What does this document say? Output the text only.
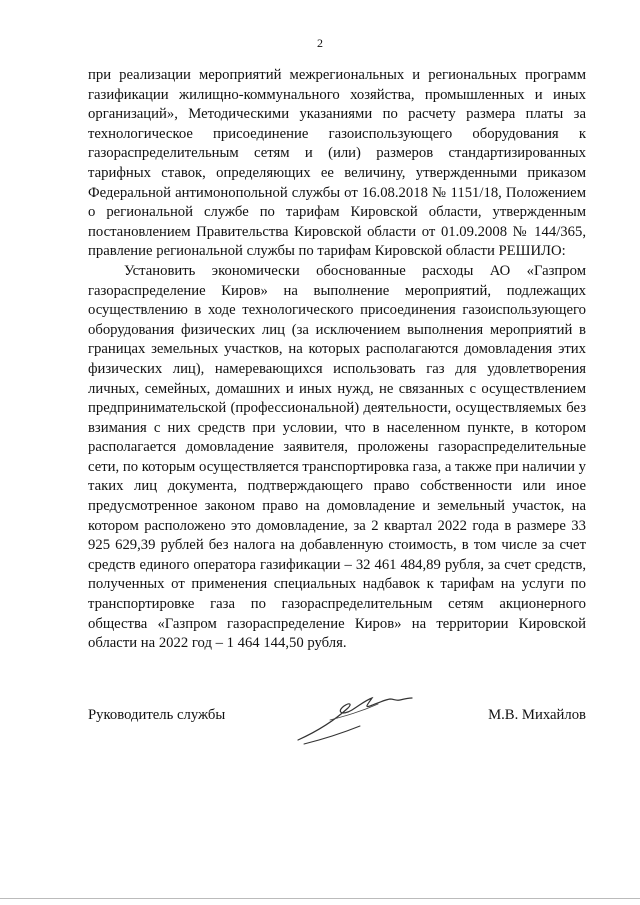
2

при реализации мероприятий межрегиональных и региональных программ газификации жилищно-коммунального хозяйства, промышленных и иных организаций», Методическими указаниями по расчету размера платы за технологическое присоединение газоиспользующего оборудования к газораспределительным сетям и (или) размеров стандартизированных тарифных ставок, определяющих ее величину, утвержденными приказом Федеральной антимонопольной службы от 16.08.2018 № 1151/18, Положением о региональной службе по тарифам Кировской области, утвержденным постановлением Правительства Кировской области от 01.09.2008 № 144/365, правление региональной службы по тарифам Кировской области РЕШИЛО:

Установить экономически обоснованные расходы АО «Газпром газораспределение Киров» на выполнение мероприятий, подлежащих осуществлению в ходе технологического присоединения газоиспользующего оборудования физических лиц (за исключением выполнения мероприятий в границах земельных участков, на которых располагаются домовладения этих физических лиц), намеревающихся использовать газ для удовлетворения личных, семейных, домашних и иных нужд, не связанных с осуществлением предпринимательской (профессиональной) деятельности, осуществляемых без взимания с них средств при условии, что в населенном пункте, в котором располагается домовладение заявителя, проложены газораспределительные сети, по которым осуществляется транспортировка газа, а также при наличии у таких лиц документа, подтверждающего право собственности или иное предусмотренное законом право на домовладение и земельный участок, на котором расположено это домовладение, за 2 квартал 2022 года в размере 33 925 629,39 рублей без налога на добавленную стоимость, в том числе за счет средств единого оператора газификации – 32 461 484,89 рубля, за счет средств, полученных от применения специальных надбавок к тарифам на услуги по транспортировке газа по газораспределительным сетям акционерного общества «Газпром газораспределение Киров» на территории Кировской области на 2022 год – 1 464 144,50 рубля.

Руководитель службы	М.В. Михайлов
